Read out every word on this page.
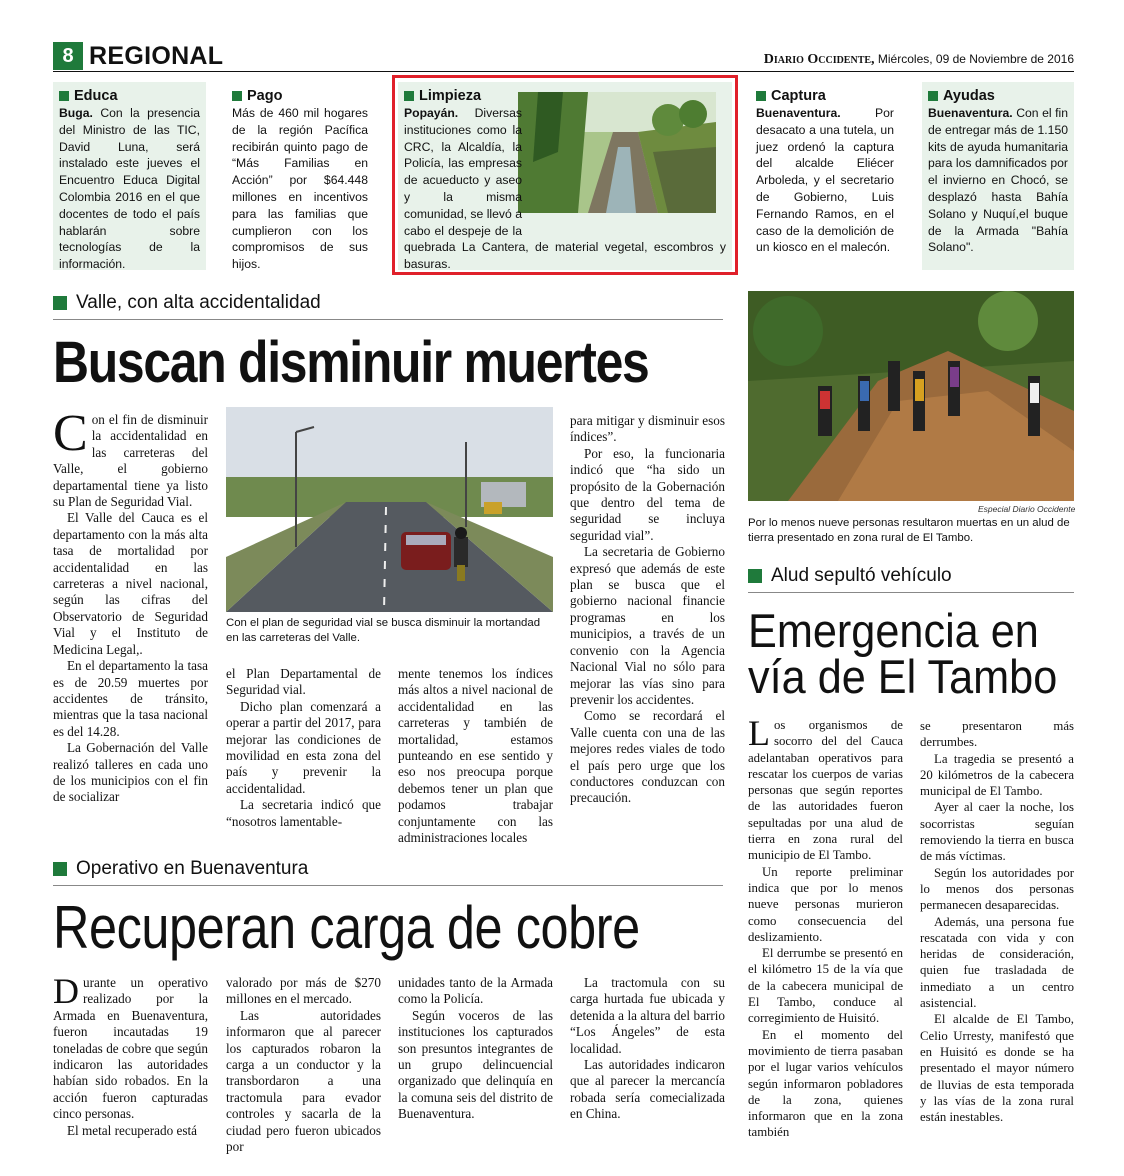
8 REGIONAL	Diario Occidente, Miércoles, 09 de Noviembre de 2016
Educa

Buga. Con la presencia del Ministro de las TIC, David Luna, será instalado este jueves el Encuentro Educa Digital Colombia 2016 en el que docentes de todo el país hablarán sobre tecnologías de la información.

Pago

Más de 460 mil hogares de la región Pacífica recibirán quinto pago de “Más Familias en Acción” por $64.448 millones en incentivos para las familias que cumplieron con los compromisos de sus hijos.

Limpieza

Popayán. Diversas instituciones como la CRC, la Alcaldía, la Policía, las empresas de acueducto y aseo y la misma comunidad, se llevó a cabo el despeje de la quebrada La Cantera, de material vegetal, escombros y basuras.

Captura

Buenaventura. Por desacato a una tutela, un juez ordenó la captura del alcalde Eliécer Arboleda, y el secretario de Gobierno, Luis Fernando Ramos, en el caso de la demolición de un kiosco en el malecón.

Ayudas

Buenaventura. Con el fin de entregar más de 1.150 kits de ayuda humanitaria para los damnificados por el invierno en Chocó, se desplazó hasta Bahía Solano y Nuquí,el buque de la Armada "Bahía Solano".

Valle, con alta accidentalidad
Buscan disminuir muertes

Con el fin de disminuir la accidentalidad en las carreteras del Valle, el gobierno departamental tiene ya listo su Plan de Seguridad Vial.

El Valle del Cauca es el departamento con la más alta tasa de mortalidad por accidentalidad en las carreteras a nivel nacional, según las cifras del Observatorio de Seguridad Vial y el Instituto de Medicina Legal,.

En el departamento la tasa es de 20.59 muertes por accidentes de tránsito, mientras que la tasa nacional es del 14.28.

La Gobernación del Valle realizó talleres en cada uno de los municipios con el fin de socializar

Con el plan de seguridad vial se busca disminuir la mortandad en las carreteras del Valle.

el Plan Departamental de Seguridad vial.

Dicho plan comenzará a operar a partir del 2017, para mejorar las condiciones de movilidad en esta zona del país y prevenir la accidentalidad.

La secretaria indicó que “nosotros lamentable-

mente tenemos los índices más altos a nivel nacional de accidentalidad en las carreteras y también de mortalidad, estamos punteando en ese sentido y eso nos preocupa porque debemos tener un plan que podamos trabajar conjuntamente con las administraciones locales

para mitigar y disminuir esos índices”.

Por eso, la funcionaria indicó que “ha sido un propósito de la Gobernación que dentro del tema de seguridad se incluya seguridad vial”.

La secretaria de Gobierno expresó que además de este plan se busca que el gobierno nacional financie programas en los municipios, a través de un convenio con la Agencia Nacional Vial no sólo para mejorar las vías sino para prevenir los accidentes.

Como se recordará el Valle cuenta con una de las mejores redes viales de todo el país pero urge que los conductores conduzcan con precaución.

Operativo en Buenaventura
Recuperan carga de cobre

Durante un operativo realizado por la Armada en Buenaventura, fueron incautadas 19 toneladas de cobre que según indicaron las autoridades habían sido robados. En la acción fueron capturadas cinco personas.

El metal recuperado está

valorado por más de $270 millones en el mercado.

Las autoridades informaron que al parecer los capturados robaron la carga a un conductor y la transbordaron a una tractomula para evador controles y sacarla de la ciudad pero fueron ubicados por

unidades tanto de la Armada como la Policía.

Según voceros de las instituciones los capturados son presuntos integrantes de un grupo delincuencial organizado que delinquía en la comuna seis del distrito de Buenaventura.

La tractomula con su carga hurtada fue ubicada y detenida a la altura del barrio “Los Ángeles” de esta localidad.

Las autoridades indicaron que al parecer la mercancía robada sería comecializada en China.

Especial Diario Occidente
Por lo menos nueve personas resultaron muertas en un alud de tierra presentado en zona rural de El Tambo.
Alud sepultó vehículo
Emergencia en
vía de El Tambo

Los organismos de socorro del del Cauca adelantaban operativos para rescatar los cuerpos de varias personas que según reportes de las autoridades fueron sepultadas por una alud de tierra en zona rural del municipio de El Tambo.

Un reporte preliminar indica que por lo menos nueve personas murieron como consecuencia del deslizamiento.

El derrumbe se presentó en el kilómetro 15 de la vía que de la cabecera municipal de El Tambo, conduce al corregimiento de Huisitó.

En el momento del movimiento de tierra pasaban por el lugar varios vehículos según informaron pobladores de la zona, quienes informaron que en la zona también

se presentaron más derrumbes.

La tragedia se presentó a 20 kilómetros de la cabecera municipal de El Tambo.

Ayer al caer la noche, los socorristas seguían removiendo la tierra en busca de más víctimas.

Según los autoridades por lo menos dos personas permanecen desaparecidas.

Además, una persona fue rescatada con vida y con heridas de consideración, quien fue trasladada de inmediato a un centro asistencial.

El alcalde de El Tambo, Celio Urresty, manifestó que en Huisitó es donde se ha presentado el mayor número de lluvias de esta temporada y las vías de la zona rural están inestables.
